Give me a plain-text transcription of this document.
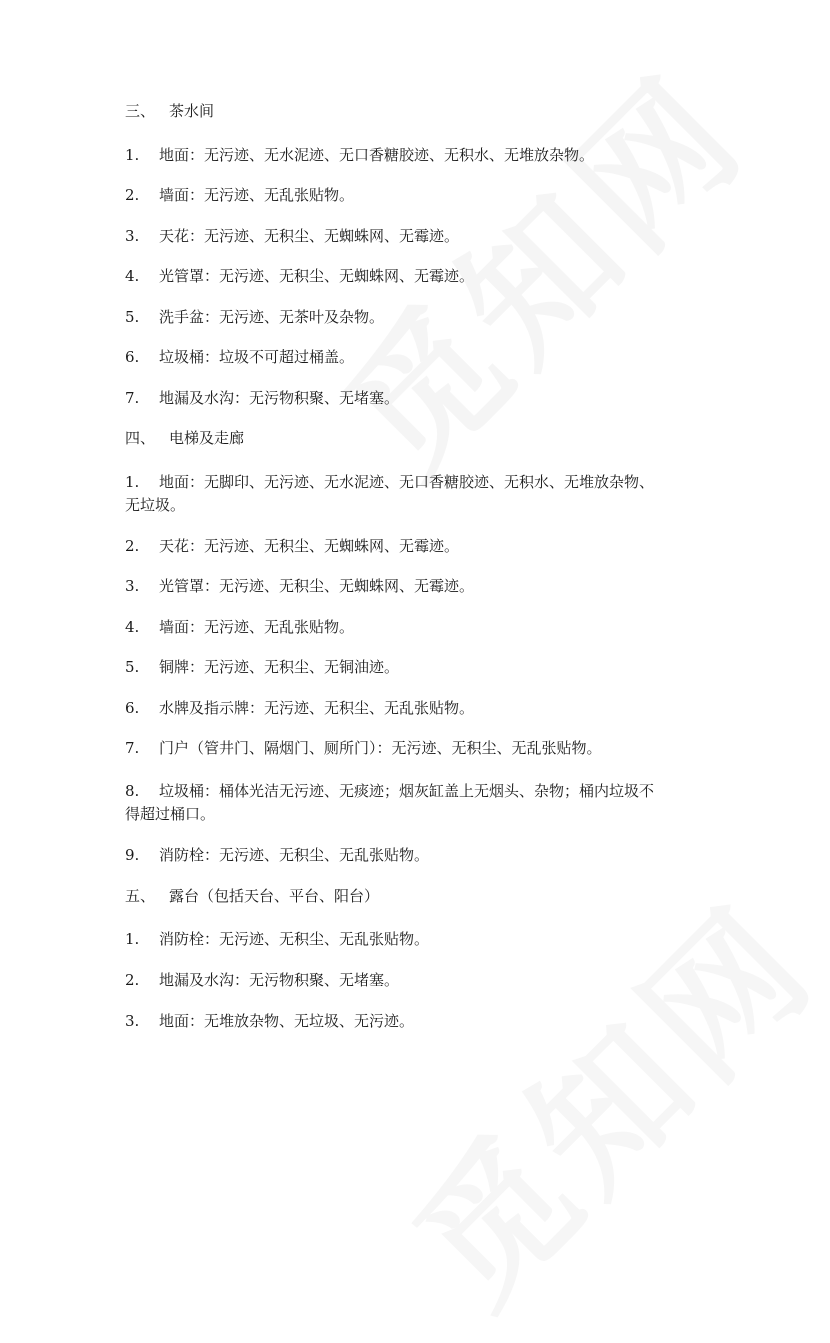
三、 茶水间
1. 地面：无污迹、无水泥迹、无口香糖胶迹、无积水、无堆放杂物。
2. 墙面：无污迹、无乱张贴物。
3. 天花：无污迹、无积尘、无蜘蛛网、无霉迹。
4. 光管罩：无污迹、无积尘、无蜘蛛网、无霉迹。
5. 洗手盆：无污迹、无茶叶及杂物。
6. 垃圾桶：垃圾不可超过桶盖。
7. 地漏及水沟：无污物积聚、无堵塞。
四、 电梯及走廊
1. 地面：无脚印、无污迹、无水泥迹、无口香糖胶迹、无积水、无堆放杂物、
无垃圾。
2. 天花：无污迹、无积尘、无蜘蛛网、无霉迹。
3. 光管罩：无污迹、无积尘、无蜘蛛网、无霉迹。
4. 墙面：无污迹、无乱张贴物。
5. 铜牌：无污迹、无积尘、无铜油迹。
6. 水牌及指示牌：无污迹、无积尘、无乱张贴物。
7. 门户（管井门、隔烟门、厕所门）：无污迹、无积尘、无乱张贴物。
8. 垃圾桶：桶体光洁无污迹、无痰迹；烟灰缸盖上无烟头、杂物；桶内垃圾不
得超过桶口。
9. 消防栓：无污迹、无积尘、无乱张贴物。
五、 露台（包括天台、平台、阳台）
1. 消防栓：无污迹、无积尘、无乱张贴物。
2. 地漏及水沟：无污物积聚、无堵塞。
3. 地面：无堆放杂物、无垃圾、无污迹。
